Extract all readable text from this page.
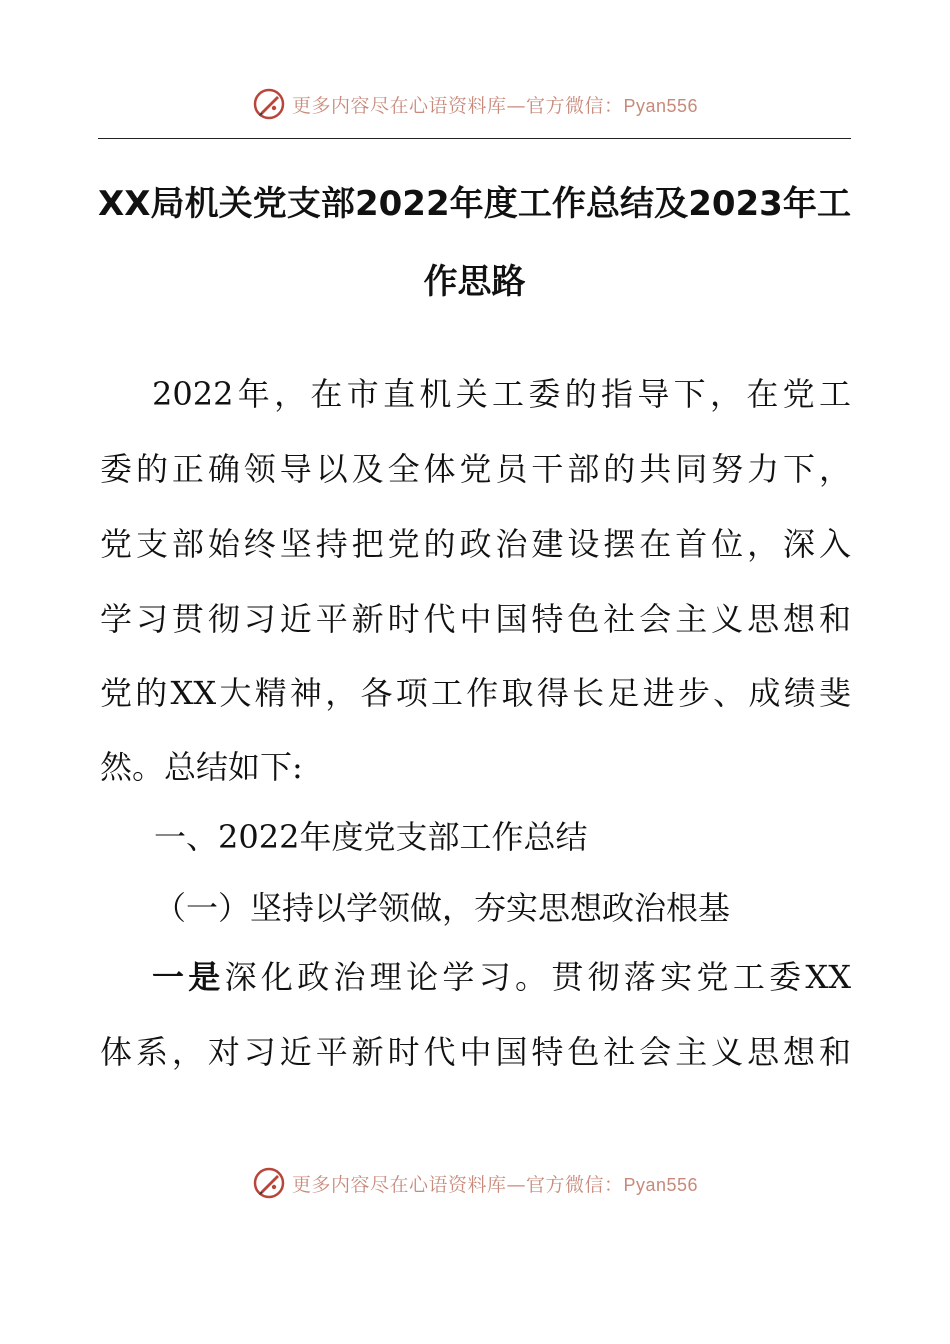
更多内容尽在心语资料库—官方微信：Pyan556
XX局机关党支部2022年度工作总结及2023年工
作思路
2022年，在市直机关工委的指导下，在党工
委的正确领导以及全体党员干部的共同努力下，
党支部始终坚持把党的政治建设摆在首位，深入
学习贯彻习近平新时代中国特色社会主义思想和
党的XX大精神，各项工作取得长足进步、成绩斐
然。总结如下:
一、2022年度党支部工作总结
（一）坚持以学领做，夯实思想政治根基
一是深化政治理论学习。贯彻落实党工委XX
体系，对习近平新时代中国特色社会主义思想和
更多内容尽在心语资料库—官方微信：Pyan556
